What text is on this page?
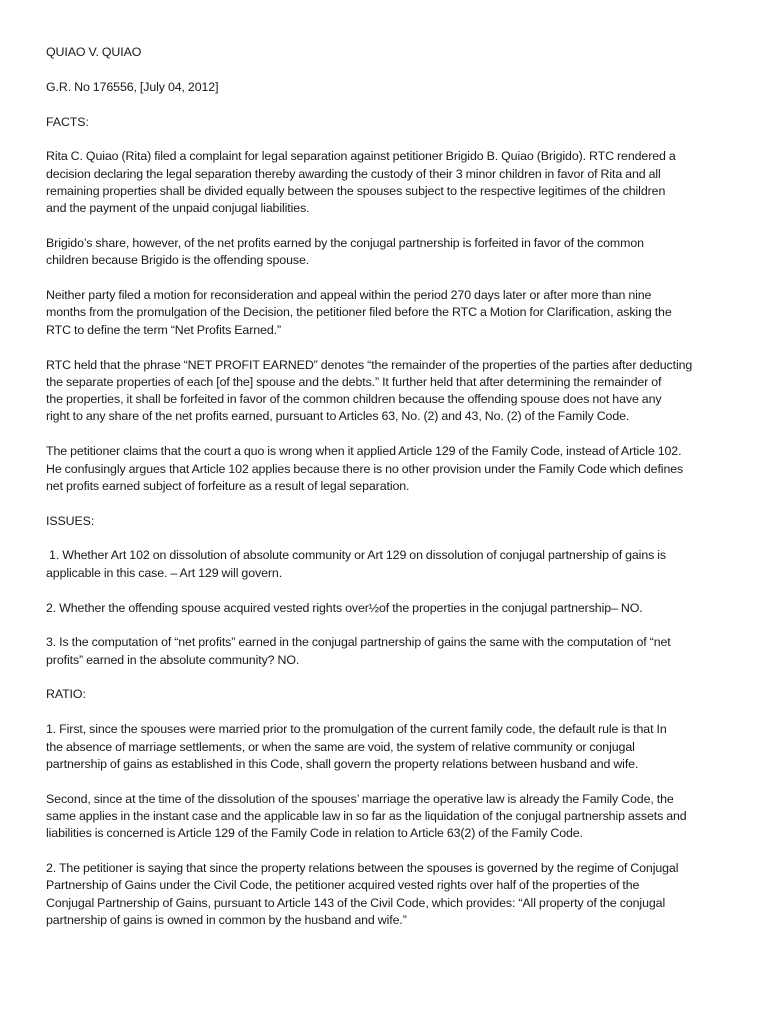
QUIAO V. QUIAO

G.R. No 176556, [July 04, 2012]

FACTS:

Rita C. Quiao (Rita) filed a complaint for legal separation against petitioner Brigido B. Quiao (Brigido). RTC rendered a

decision declaring the legal separation thereby awarding the custody of their 3 minor children in favor of Rita and all

remaining properties shall be divided equally between the spouses subject to the respective legitimes of the children

and the payment of the unpaid conjugal liabilities.

Brigido’s share, however, of the net profits earned by the conjugal partnership is forfeited in favor of the common

children because Brigido is the offending spouse.

Neither party filed a motion for reconsideration and appeal within the period 270 days later or after more than nine

months from the promulgation of the Decision, the petitioner filed before the RTC a Motion for Clarification, asking the

RTC to define the term “Net Profits Earned.”

RTC held that the phrase “NET PROFIT EARNED” denotes “the remainder of the properties of the parties after deducting

the separate properties of each [of the] spouse and the debts.” It further held that after determining the remainder of

the properties, it shall be forfeited in favor of the common children because the offending spouse does not have any

right to any share of the net profits earned, pursuant to Articles 63, No. (2) and 43, No. (2) of the Family Code.

The petitioner claims that the court a quo is wrong when it applied Article 129 of the Family Code, instead of Article 102.

He confusingly argues that Article 102 applies because there is no other provision under the Family Code which defines

net profits earned subject of forfeiture as a result of legal separation.

ISSUES:

1. Whether Art 102 on dissolution of absolute community or Art 129 on dissolution of conjugal partnership of gains is

applicable in this case. – Art 129 will govern.

2. Whether the offending spouse acquired vested rights over½of the properties in the conjugal partnership– NO.

3. Is the computation of “net profits” earned in the conjugal partnership of gains the same with the computation of “net

profits” earned in the absolute community? NO.

RATIO:

1. First, since the spouses were married prior to the promulgation of the current family code, the default rule is that In

the absence of marriage settlements, or when the same are void, the system of relative community or conjugal

partnership of gains as established in this Code, shall govern the property relations between husband and wife.

Second, since at the time of the dissolution of the spouses’ marriage the operative law is already the Family Code, the

same applies in the instant case and the applicable law in so far as the liquidation of the conjugal partnership assets and

liabilities is concerned is Article 129 of the Family Code in relation to Article 63(2) of the Family Code.

2. The petitioner is saying that since the property relations between the spouses is governed by the regime of Conjugal

Partnership of Gains under the Civil Code, the petitioner acquired vested rights over half of the properties of the

Conjugal Partnership of Gains, pursuant to Article 143 of the Civil Code, which provides: “All property of the conjugal

partnership of gains is owned in common by the husband and wife.”
